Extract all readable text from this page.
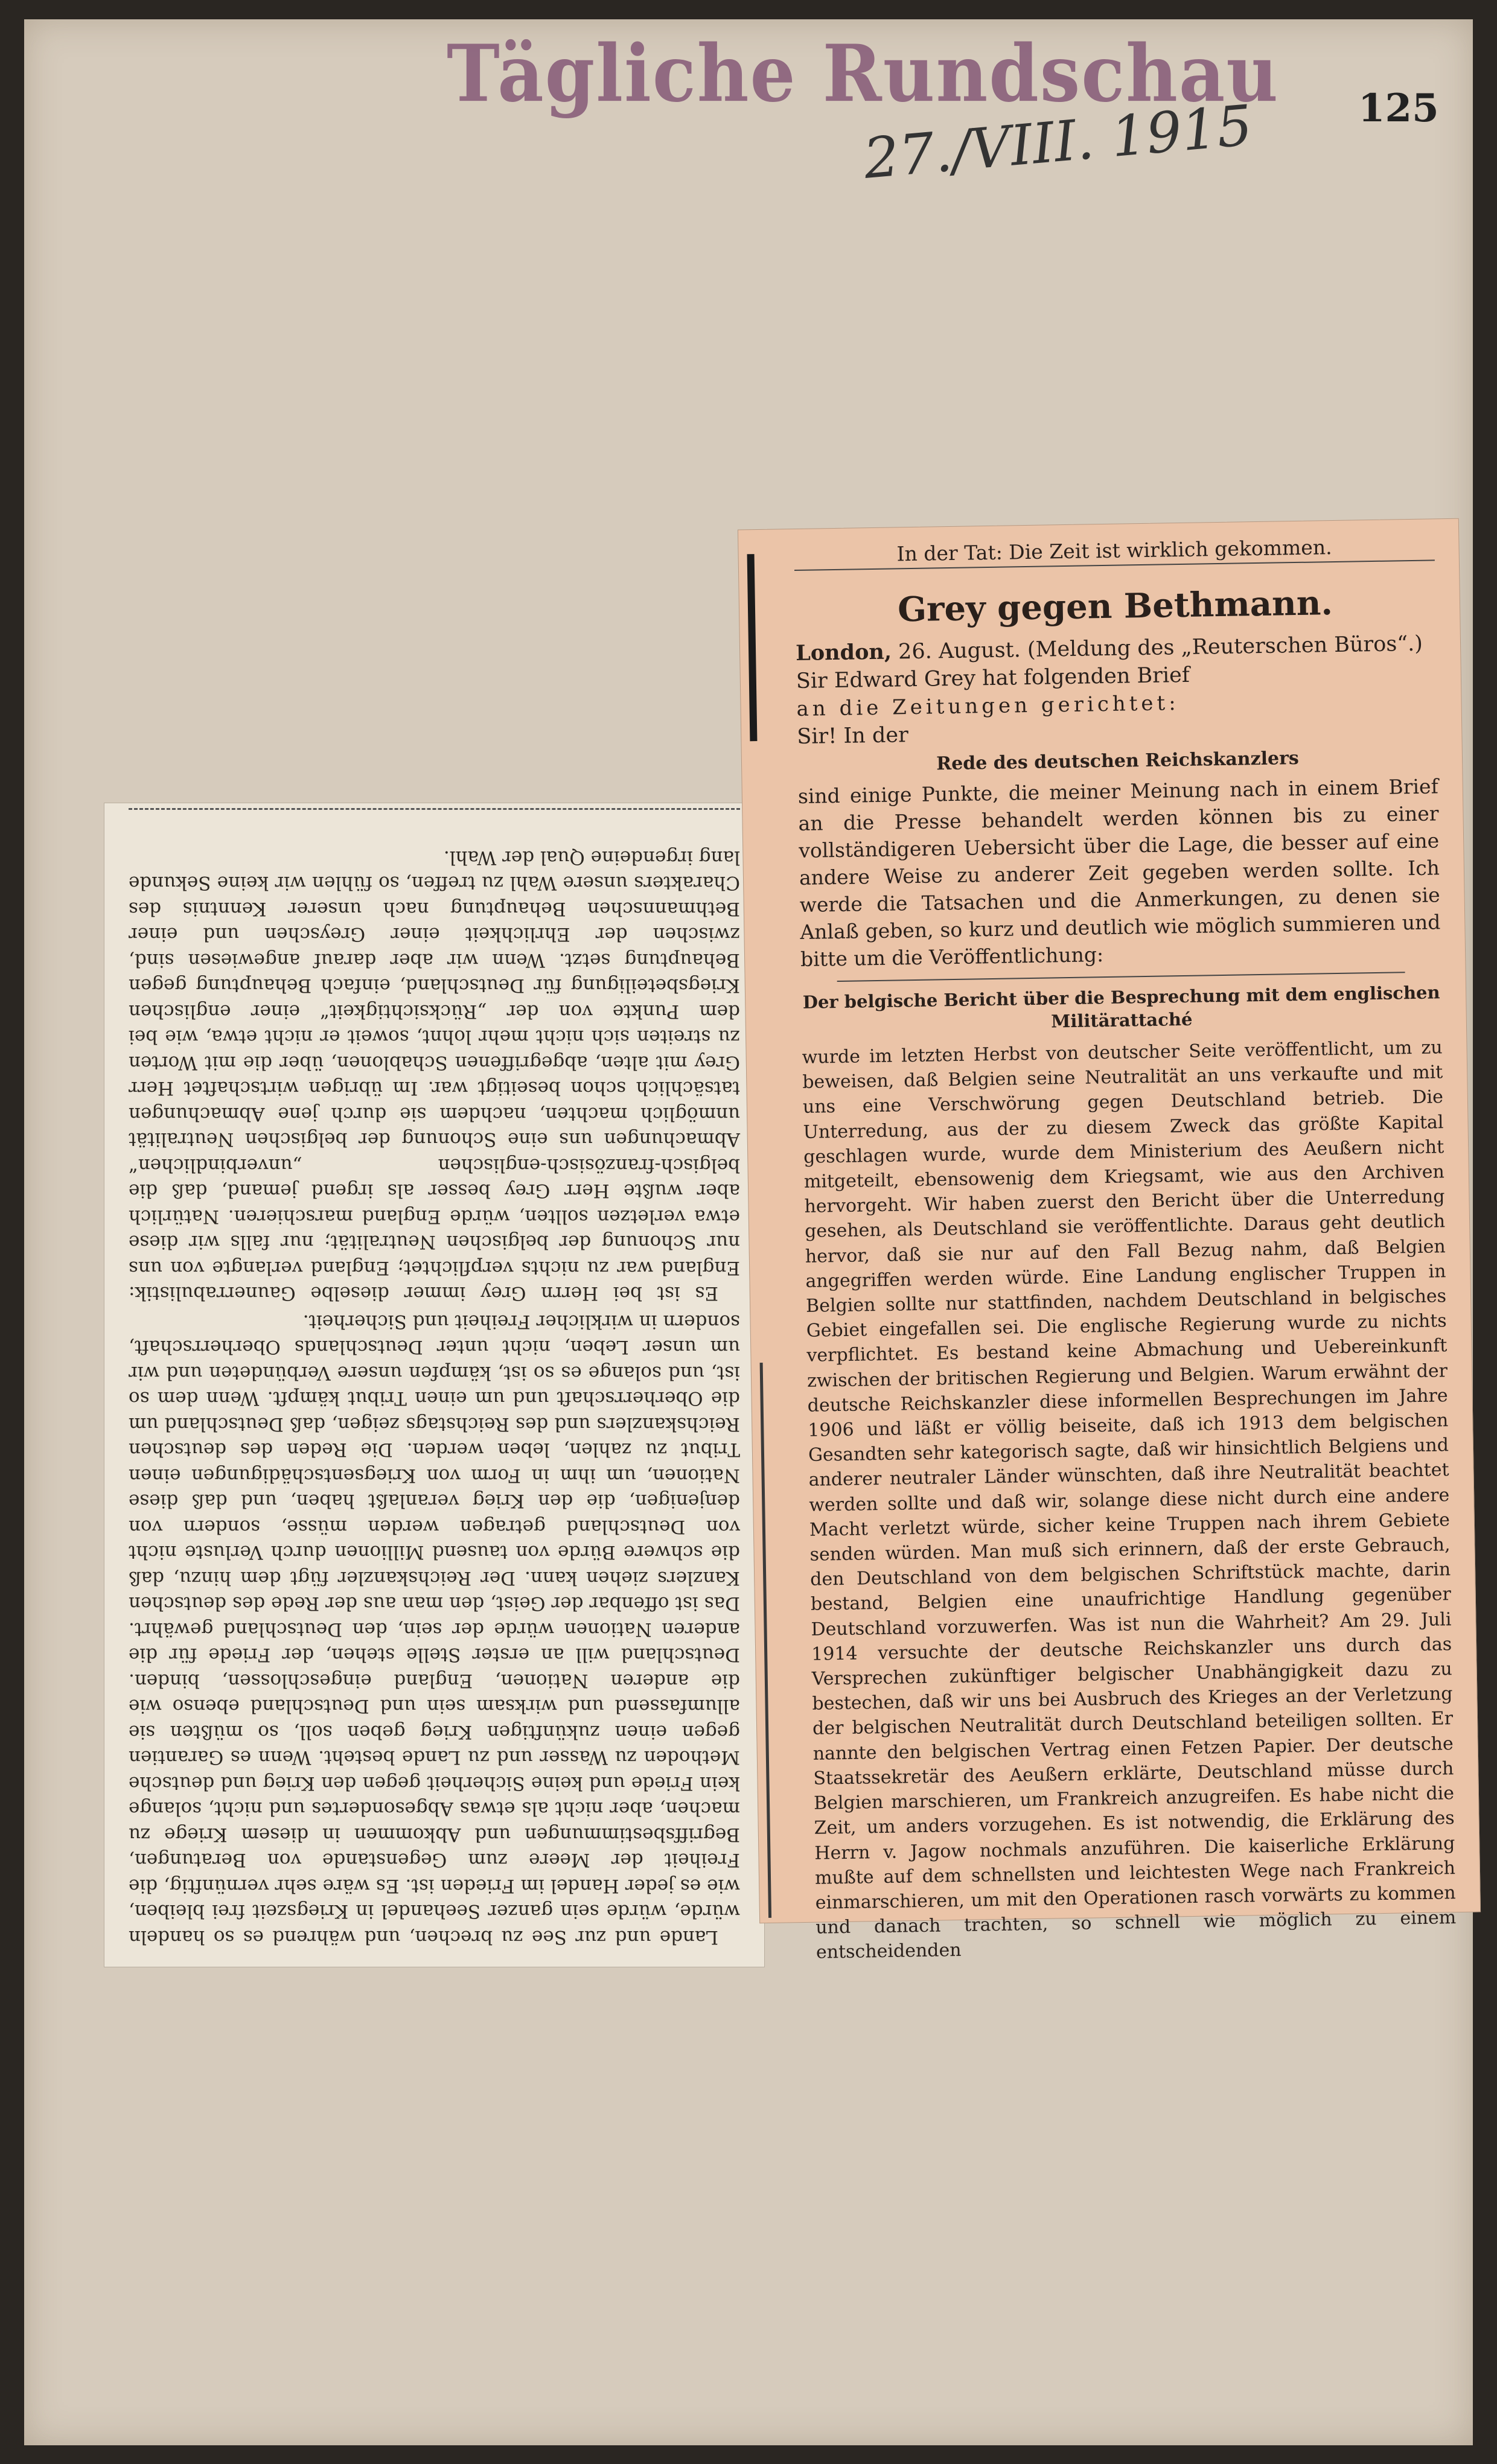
Tägliche Rundschau
27./VIII. 1915	125

Lande und zur See zu brechen, und während es so handeln würde, würde sein ganzer Seehandel in Kriegszeit frei bleiben, wie es jeder Handel im Frieden ist. Es wäre sehr vernünftig, die Freiheit der Meere zum Gegenstande von Beratungen, Begriffsbestimmungen und Abkommen in diesem Kriege zu machen, aber nicht als etwas Abgesondertes und nicht, solange kein Friede und keine Sicherheit gegen den Krieg und deutsche Methoden zu Wasser und zu Lande besteht. Wenn es Garantien gegen einen zukünftigen Krieg geben soll, so müßten sie allumfassend und wirksam sein und Deutschland ebenso wie die anderen Nationen, England eingeschlossen, binden. Deutschland will an erster Stelle stehen, der Friede für die anderen Nationen würde der sein, den Deutschland gewährt. Das ist offenbar der Geist, den man aus der Rede des deutschen Kanzlers ziehen kann. Der Reichskanzler fügt dem hinzu, daß die schwere Bürde von tausend Millionen durch Verluste nicht von Deutschland getragen werden müsse, sondern von denjenigen, die den Krieg veranlaßt haben, und daß diese Nationen, um ihm in Form von Kriegsentschädigungen einen Tribut zu zahlen, leben werden. Die Reden des deutschen Reichskanzlers und des Reichstags zeigen, daß Deutschland um die Oberherrschaft und um einen Tribut kämpft. Wenn dem so ist, und solange es so ist, kämpfen unsere Verbündeten und wir um unser Leben, nicht unter Deutschlands Oberherrschaft, sondern in wirklicher Freiheit und Sicherheit.

Es ist bei Herrn Grey immer dieselbe Gaunerrabulistik: England war zu nichts verpflichtet; England verlangte von uns nur Schonung der belgischen Neutralität; nur falls wir diese etwa verletzen sollten, würde England marschieren. Natürlich aber wußte Herr Grey besser als irgend jemand, daß die belgisch-französisch-englischen „unverbindlichen“ Abmachungen uns eine Schonung der belgischen Neutralität unmöglich machten, nachdem sie durch jene Abmachungen tatsächlich schon beseitigt war. Im übrigen wirtschaftet Herr Grey mit alten, abgegriffenen Schablonen, über die mit Worten zu streiten sich nicht mehr lohnt, soweit er nicht etwa, wie bei dem Punkte von der „Rücksichtigkeit“ einer englischen Kriegsbeteiligung für Deutschland, einfach Behauptung gegen Behauptung setzt. Wenn wir aber darauf angewiesen sind, zwischen der Ehrlichkeit einer Greyschen und einer Bethmannschen Behauptung nach unserer Kenntnis des Charakters unsere Wahl zu treffen, so fühlen wir keine Sekunde lang irgendeine Qual der Wahl.

In der Tat: Die Zeit ist wirklich gekommen.
Grey gegen Bethmann.
London, 26. August. (Meldung des „Reuterschen Büros“.) Sir Edward Grey hat folgenden Brief
an die Zeitungen gerichtet:
Sir! In der
Rede des deutschen Reichskanzlers

sind einige Punkte, die meiner Meinung nach in einem Brief an die Presse behandelt werden können bis zu einer vollständigeren Uebersicht über die Lage, die besser auf eine andere Weise zu anderer Zeit gegeben werden sollte. Ich werde die Tatsachen und die Anmerkungen, zu denen sie Anlaß geben, so kurz und deutlich wie möglich summieren und bitte um die Veröffentlichung:

Der belgische Bericht über die Besprechung mit dem englischen Militärattaché

wurde im letzten Herbst von deutscher Seite veröffentlicht, um zu beweisen, daß Belgien seine Neutralität an uns verkaufte und mit uns eine Verschwörung gegen Deutschland betrieb. Die Unterredung, aus der zu diesem Zweck das größte Kapital geschlagen wurde, wurde dem Ministerium des Aeußern nicht mitgeteilt, ebensowenig dem Kriegsamt, wie aus den Archiven hervorgeht. Wir haben zuerst den Bericht über die Unterredung gesehen, als Deutschland sie veröffentlichte. Daraus geht deutlich hervor, daß sie nur auf den Fall Bezug nahm, daß Belgien angegriffen werden würde. Eine Landung englischer Truppen in Belgien sollte nur stattfinden, nachdem Deutschland in belgisches Gebiet eingefallen sei. Die englische Regierung wurde zu nichts verpflichtet. Es bestand keine Abmachung und Uebereinkunft zwischen der britischen Regierung und Belgien. Warum erwähnt der deutsche Reichskanzler diese informellen Besprechungen im Jahre 1906 und läßt er völlig beiseite, daß ich 1913 dem belgischen Gesandten sehr kategorisch sagte, daß wir hinsichtlich Belgiens und anderer neutraler Länder wünschten, daß ihre Neutralität beachtet werden sollte und daß wir, solange diese nicht durch eine andere Macht verletzt würde, sicher keine Truppen nach ihrem Gebiete senden würden. Man muß sich erinnern, daß der erste Gebrauch, den Deutschland von dem belgischen Schriftstück machte, darin bestand, Belgien eine unaufrichtige Handlung gegenüber Deutschland vorzuwerfen. Was ist nun die Wahrheit? Am 29. Juli 1914 versuchte der deutsche Reichskanzler uns durch das Versprechen zukünftiger belgischer Unabhängigkeit dazu zu bestechen, daß wir uns bei Ausbruch des Krieges an der Verletzung der belgischen Neutralität durch Deutschland beteiligen sollten. Er nannte den belgischen Vertrag einen Fetzen Papier. Der deutsche Staatssekretär des Aeußern erklärte, Deutschland müsse durch Belgien marschieren, um Frankreich anzugreifen. Es habe nicht die Zeit, um anders vorzugehen. Es ist notwendig, die Erklärung des Herrn v. Jagow nochmals anzuführen. Die kaiserliche Erklärung mußte auf dem schnellsten und leichtesten Wege nach Frankreich einmarschieren, um mit den Operationen rasch vorwärts zu kommen und danach trachten, so schnell wie möglich zu einem entscheidenden
